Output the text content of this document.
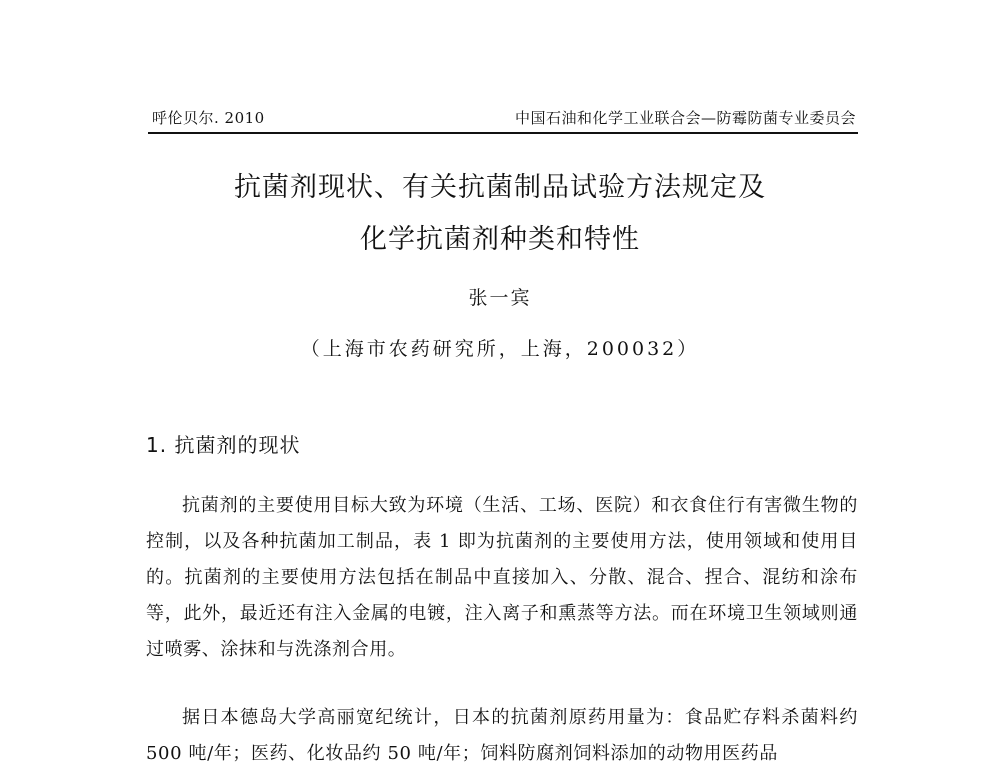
呼伦贝尔. 2010	中国石油和化学工业联合会—防霉防菌专业委员会
抗菌剂现状、有关抗菌制品试验方法规定及
化学抗菌剂种类和特性
张一宾
（上海市农药研究所，上海，200032）
1. 抗菌剂的现状

抗菌剂的主要使用目标大致为环境（生活、工场、医院）和衣食住行有害微生物的控制，以及各种抗菌加工制品，表 1 即为抗菌剂的主要使用方法，使用领域和使用目的。抗菌剂的主要使用方法包括在制品中直接加入、分散、混合、捏合、混纺和涂布等，此外，最近还有注入金属的电镀，注入离子和熏蒸等方法。而在环境卫生领域则通过喷雾、涂抹和与洗涤剂合用。

据日本德岛大学高丽宽纪统计，日本的抗菌剂原药用量为：食品贮存料杀菌料约 500 吨/年；医药、化妆品约 50 吨/年；饲料防腐剂饲料添加的动物用医药品
